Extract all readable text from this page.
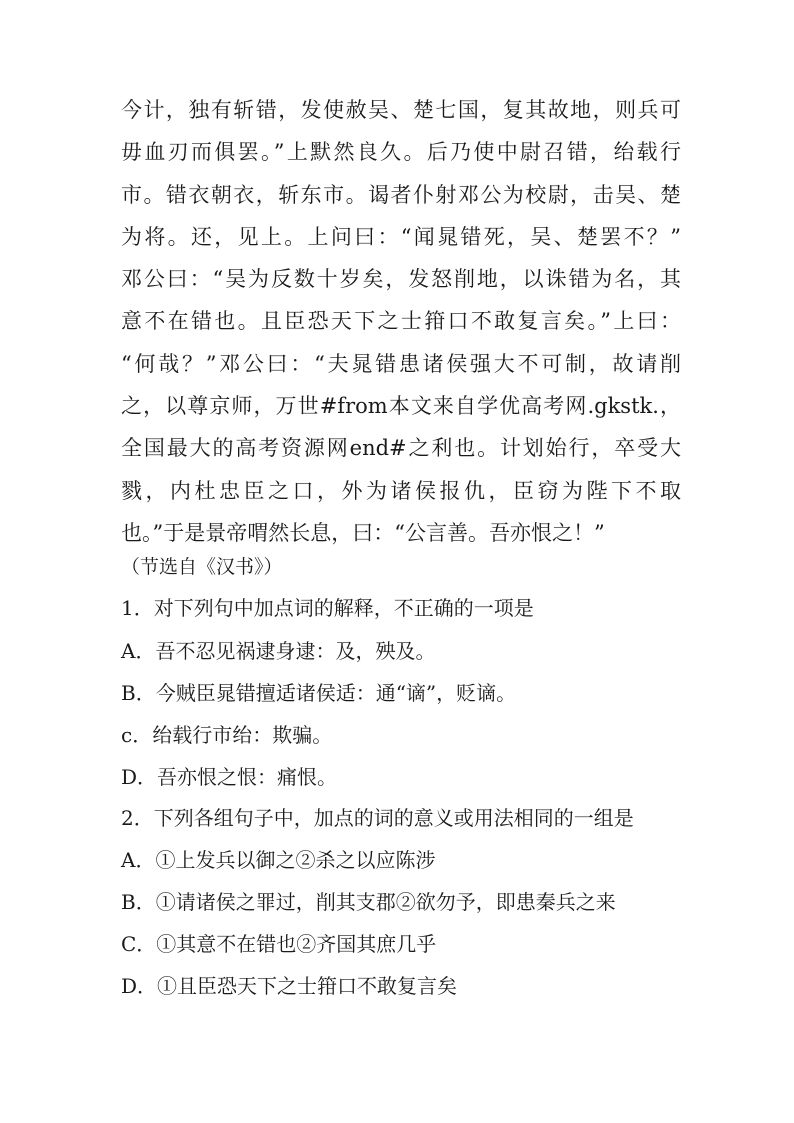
今计，独有斩错，发使赦吴、楚七国，复其故地，则兵可
毋血刃而俱罢。”上默然良久。后乃使中尉召错，绐载行
市。错衣朝衣，斩东市。谒者仆射邓公为校尉，击吴、楚
为将。还，见上。上问曰：“闻晁错死，吴、楚罢不？”
邓公曰：“吴为反数十岁矣，发怒削地，以诛错为名，其
意不在错也。且臣恐天下之士箝口不敢复言矣。”上曰：
“何哉？”邓公曰：“夫晁错患诸侯强大不可制，故请削
之，以尊京师，万世#from本文来自学优高考网.gkstk.，
全国最大的高考资源网end#之利也。计划始行，卒受大
戮，内杜忠臣之口，外为诸侯报仇，臣窃为陛下不取
也。”于是景帝喟然长息，曰：“公言善。吾亦恨之！”
（节选自《汉书》）
1．对下列句中加点词的解释，不正确的一项是
A．吾不忍见祸逮身逮：及，殃及。
B．今贼臣晁错擅适诸侯适：通“谪”，贬谪。
c．绐载行市绐：欺骗。
D．吾亦恨之恨：痛恨。
2．下列各组句子中，加点的词的意义或用法相同的一组是
A．①上发兵以御之②杀之以应陈涉
B．①请诸侯之罪过，削其支郡②欲勿予，即患秦兵之来
C．①其意不在错也②齐国其庶几乎
D．①且臣恐天下之士箝口不敢复言矣
